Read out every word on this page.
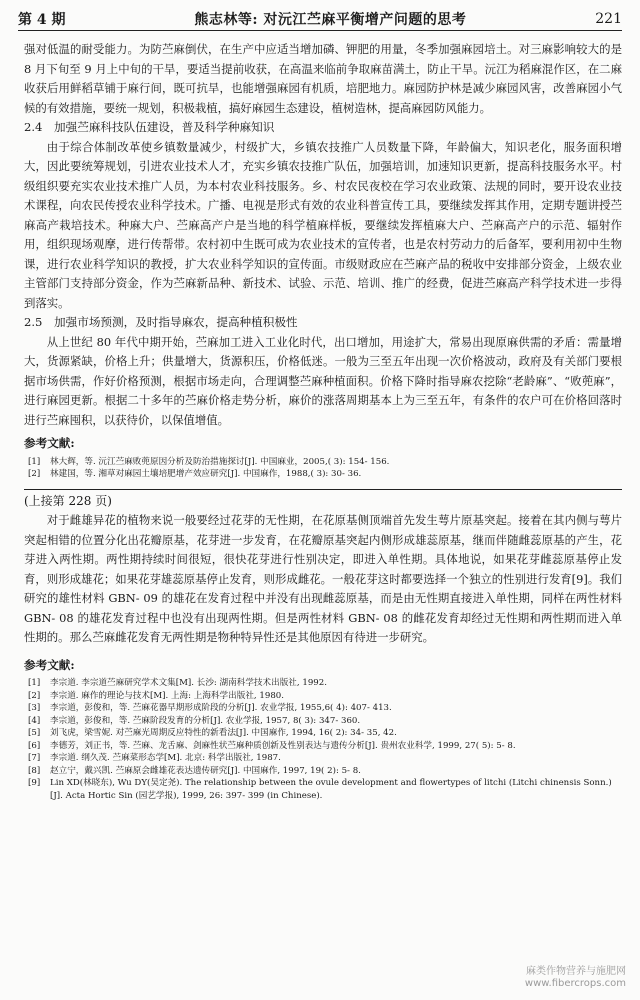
第 4 期	熊志林等: 对沅江苎麻平衡增产问题的思考	221

强对低温的耐受能力。为防苎麻倒伏，在生产中应适当增加磷、钾肥的用量，冬季加强麻园培土。对三麻影响较大的是 8 月下旬至 9 月上中旬的干旱，要适当提前收获，在高温来临前争取麻苗满土，防止干旱。沅江为稻麻混作区，在二麻收获后用鲜稻草铺于麻行间，既可抗旱，也能增强麻园有机质，培肥地力。麻园防护林是减少麻园风害，改善麻园小气候的有效措施，要统一规划，积极栽植，搞好麻园生态建设，植树造林，提高麻园防风能力。

2.4　加强苎麻科技队伍建设，普及科学种麻知识

由于综合体制改革使乡镇数量减少，村级扩大，乡镇农技推广人员数量下降，年龄偏大，知识老化，服务面积增大，因此要统筹规划，引进农业技术人才，充实乡镇农技推广队伍，加强培训，加速知识更新，提高科技服务水平。村级组织要充实农业技术推广人员，为本村农业科技服务。乡、村农民夜校在学习农业政策、法规的同时，要开设农业技术课程，向农民传授农业科学技术。广播、电视是形式有效的农业科普宣传工具，要继续发挥其作用，定期专题讲授苎麻高产栽培技术。种麻大户、苎麻高产户是当地的科学植麻样板，要继续发挥植麻大户、苎麻高产户的示范、辐射作用，组织现场观摩，进行传帮带。农村初中生既可成为农业技术的宣传者，也是农村劳动力的后备军，要利用初中生物课，进行农业科学知识的教授，扩大农业科学知识的宣传面。市级财政应在苎麻产品的税收中安排部分资金，上级农业主管部门支持部分资金，作为苎麻新品种、新技术、试验、示范、培训、推广的经费，促进苎麻高产科学技术进一步得到落实。

2.5　加强市场预测，及时指导麻农，提高种植积极性

从上世纪 80 年代中期开始，苎麻加工进入工业化时代，出口增加，用途扩大，常易出现原麻供需的矛盾：需量增大，货源紧缺，价格上升；供量增大，货源积压，价格低迷。一般为三至五年出现一次价格波动，政府及有关部门要根据市场供需，作好价格预测，根据市场走向，合理调整苎麻种植面积。价格下降时指导麻农挖除“老龄麻”、“败蔸麻”，进行麻园更新。根据二十多年的苎麻价格走势分析，麻价的涨落周期基本上为三至五年，有条件的农户可在价格回落时进行苎麻囤积，以获待价，以保值增值。

参考文献:

[1]	林大辉，等. 沅江苎麻败蔸原因分析及防治措施探讨[J]. 中国麻业，2005,( 3): 154- 156.
[2]	林建国，等. 湘草对麻园土壤培肥增产效应研究[J]. 中国麻作，1988,( 3): 30- 36.

(上接第 228 页)

对于雌雄异花的植物来说一般要经过花芽的无性期，在花原基侧顶端首先发生萼片原基突起。接着在其内侧与萼片突起相错的位置分化出花瓣原基，花芽进一步发育，在花瓣原基突起内侧形成雄蕊原基，继而伴随雌蕊原基的产生，花芽进入两性期。两性期持续时间很短，很快花芽进行性别决定，即进入单性期。具体地说，如果花芽雌蕊原基停止发育，则形成雄花；如果花芽雄蕊原基停止发育，则形成雌花。一般花芽这时都要选择一个独立的性别进行发育[9]。我们研究的雄性材料 GBN- 09 的雄花在发育过程中并没有出现雌蕊原基，而是由无性期直接进入单性期，同样在两性材料 GBN- 08 的雄花发育过程中也没有出现两性期。但是两性材料 GBN- 08 的雌花发育却经过无性期和两性期而进入单性期的。那么苎麻雌花发育无两性期是物种特异性还是其他原因有待进一步研究。

参考文献:

[1]	李宗道. 李宗道苎麻研究学术文集[M]. 长沙: 湖南科学技术出版社, 1992.
[2]	李宗道. 麻作的理论与技术[M]. 上海: 上海科学出版社, 1980.
[3]	李宗道，彭俊和，等. 苎麻花器早期形成阶段的分析[J]. 农业学报, 1955,6( 4): 407- 413.
[4]	李宗道，彭俊和，等. 苎麻阶段发育的分析[J]. 农业学报, 1957, 8( 3): 347- 360.
[5]	刘飞虎，梁雪妮. 对苎麻光周期反应特性的新看法[J]. 中国麻作, 1994, 16( 2): 34- 35, 42.
[6]	李德芳，刘正书，等. 苎麻、龙舌麻、剑麻性状苎麻种质创新及性别表达与遗传分析[J]. 贵州农业科学, 1999, 27( 5): 5- 8.
[7]	李宗道. 纲久茂. 苎麻菜形态学[M]. 北京: 科学出版社, 1987.
[8]	赵立宁，戴兴凯. 苎麻原会雌雄花表达遗传研究[J]. 中国麻作, 1997, 19( 2): 5- 8.
[9]	Lin XD(林晓东), Wu DY(吴定尧). The relationship between the ovule development and flowertypes of litchi (Litchi chinensis Sonn.)[J]. Acta Hortic Sin (园艺学报), 1999, 26: 397- 399 (in Chinese).
麻类作物营养与施肥网
www.fibercrops.com
